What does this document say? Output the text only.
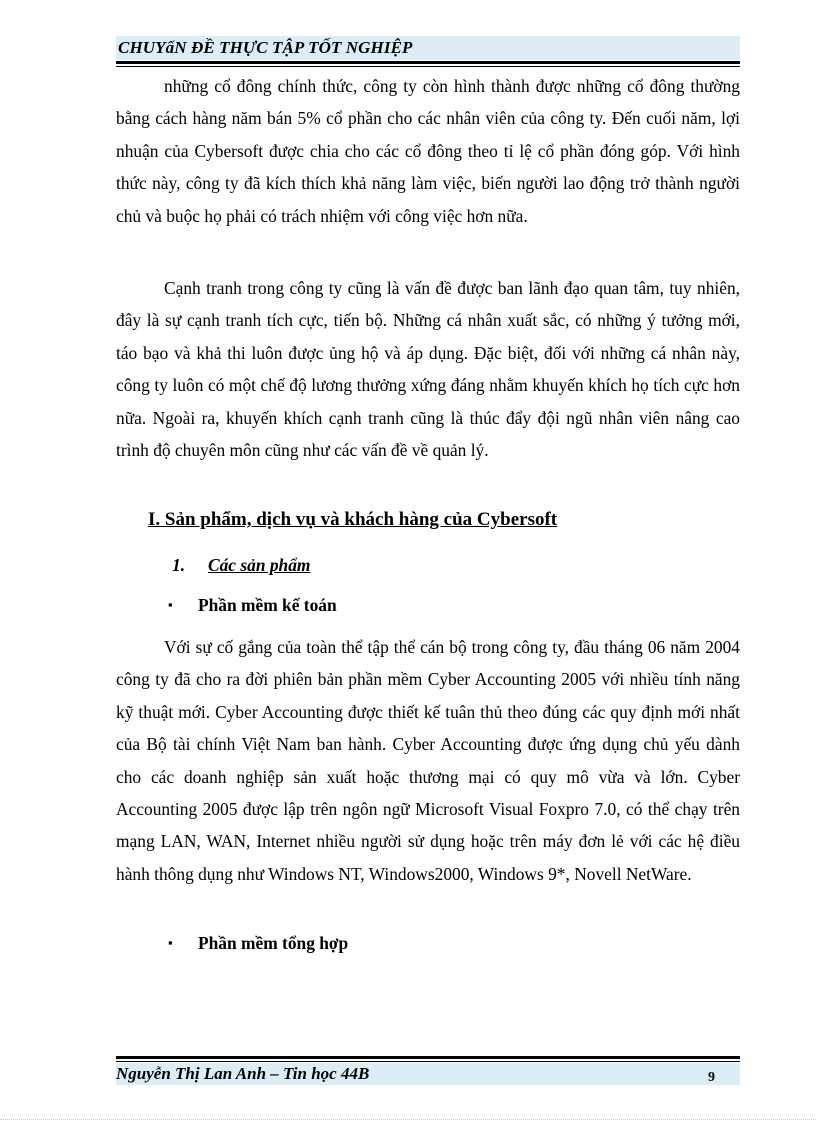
CHUYấN ĐỀ THỰC TẬP TỐT NGHIỆP

những cổ đông chính thức, công ty còn hình thành được những cổ đông thường bằng cách hàng năm bán 5% cổ phần cho các nhân viên của công ty. Đến cuối năm, lợi nhuận của Cybersoft được chia cho các cổ đông theo tỉ lệ cổ phần đóng góp. Với hình thức này, công ty đã kích thích khả năng làm việc, biến người lao động trở thành người chủ và buộc họ phải có trách nhiệm với công việc hơn nữa.

Cạnh tranh trong công ty cũng là vấn đề được ban lãnh đạo quan tâm, tuy nhiên, đây là sự cạnh tranh tích cực, tiến bộ. Những cá nhân xuất sắc, có những ý tưởng mới, táo bạo và khả thi luôn được ủng hộ và áp dụng. Đặc biệt, đối với những cá nhân này, công ty luôn có một chế độ lương thưởng xứng đáng nhằm khuyến khích họ tích cực hơn nữa. Ngoài ra, khuyến khích cạnh tranh cũng là thúc đẩy đội ngũ nhân viên nâng cao trình độ chuyên môn cũng như các vấn đề về quản lý.

I. Sản phẩm, dịch vụ và khách hàng của Cybersoft
1. Các sản phẩm
▪ Phần mềm kế toán

Với sự cố gắng của toàn thể tập thể cán bộ trong công ty, đầu tháng 06 năm 2004 công ty đã cho ra đời phiên bản phần mềm Cyber Accounting 2005 với nhiều tính năng kỹ thuật mới. Cyber Accounting được thiết kế tuân thủ theo đúng các quy định mới nhất của Bộ tài chính Việt Nam ban hành. Cyber Accounting được ứng dụng chủ yếu dành cho các doanh nghiệp sản xuất hoặc thương mại có quy mô vừa và lớn. Cyber Accounting 2005 được lập trên ngôn ngữ Microsoft Visual Foxpro 7.0, có thể chạy trên mạng LAN, WAN, Internet nhiều người sử dụng hoặc trên máy đơn lẻ với các hệ điều hành thông dụng như Windows NT, Windows2000, Windows 9*, Novell NetWare.

▪ Phần mềm tổng hợp
Nguyễn Thị Lan Anh – Tin học 44B	9
